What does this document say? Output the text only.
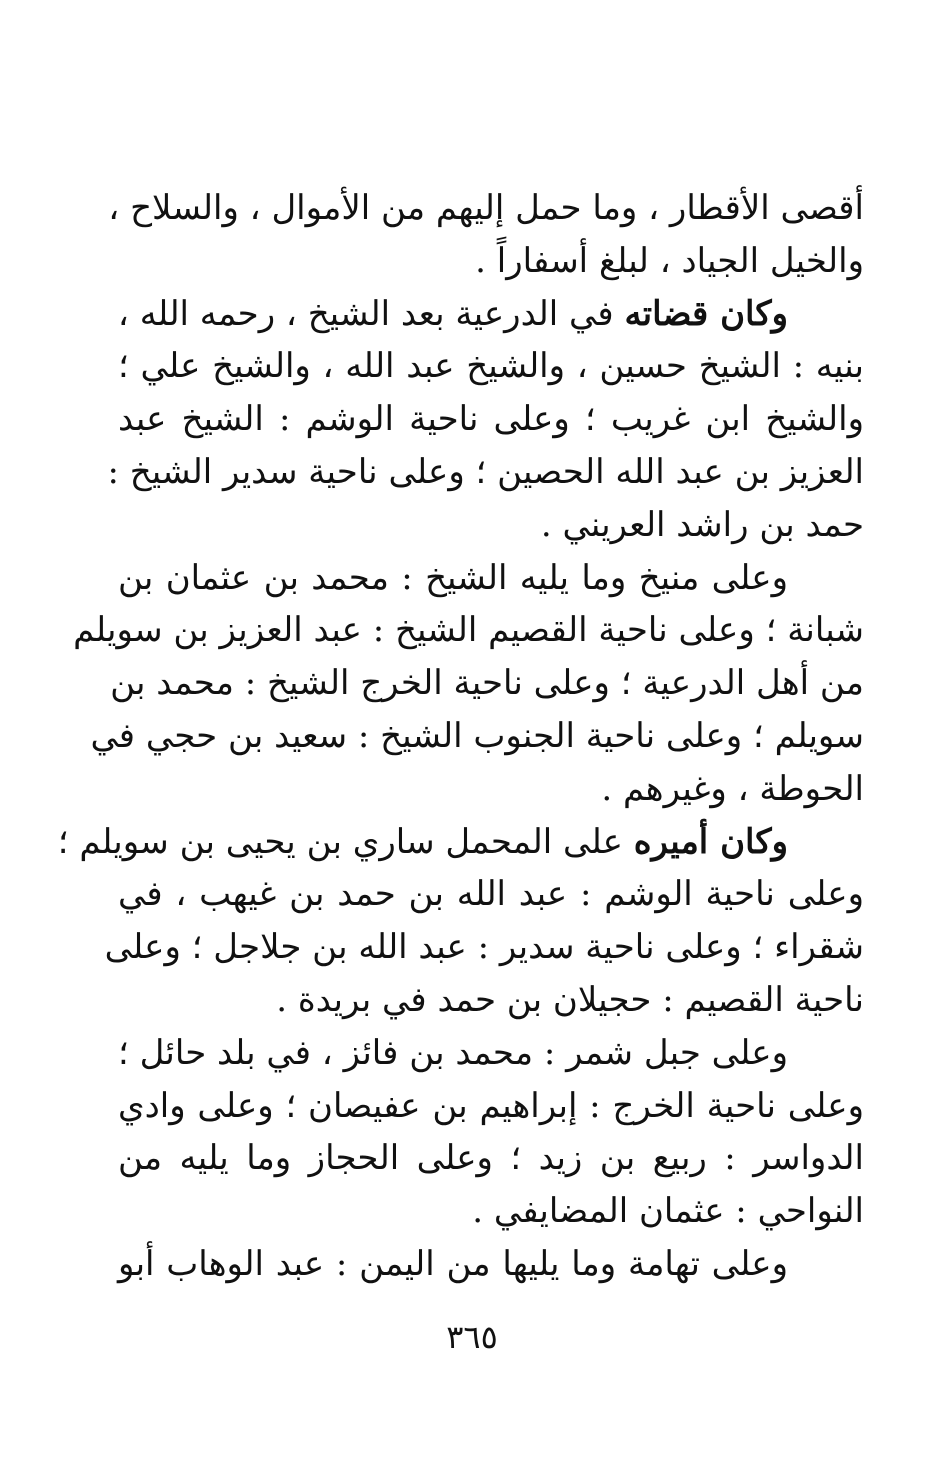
أقصى الأقطار ، وما حمل إليهم من الأموال ، والسلاح ،
والخيل الجياد ، لبلغ أسفاراً .
وكان قضاته في الدرعية بعد الشيخ ، رحمه الله ،
بنيه : الشيخ حسين ، والشيخ عبد الله ، والشيخ علي ؛
والشيخ ابن غريب ؛ وعلى ناحية الوشم : الشيخ عبد
العزيز بن عبد الله الحصين ؛ وعلى ناحية سدير الشيخ :
حمد بن راشد العريني .
وعلى منيخ وما يليه الشيخ : محمد بن عثمان بن
شبانة ؛ وعلى ناحية القصيم الشيخ : عبد العزيز بن سويلم
من أهل الدرعية ؛ وعلى ناحية الخرج الشيخ : محمد بن
سويلم ؛ وعلى ناحية الجنوب الشيخ : سعيد بن حجي في
الحوطة ، وغيرهم .
وكان أميره على المحمل ساري بن يحيى بن سويلم ؛
وعلى ناحية الوشم : عبد الله بن حمد بن غيهب ، في
شقراء ؛ وعلى ناحية سدير : عبد الله بن جلاجل ؛ وعلى
ناحية القصيم : حجيلان بن حمد في بريدة .
وعلى جبل شمر : محمد بن فائز ، في بلد حائل ؛
وعلى ناحية الخرج : إبراهيم بن عفيصان ؛ وعلى وادي
الدواسر : ربيع بن زيد ؛ وعلى الحجاز وما يليه من
النواحي : عثمان المضايفي .
وعلى تهامة وما يليها من اليمن : عبد الوهاب أبو
٣٦٥
